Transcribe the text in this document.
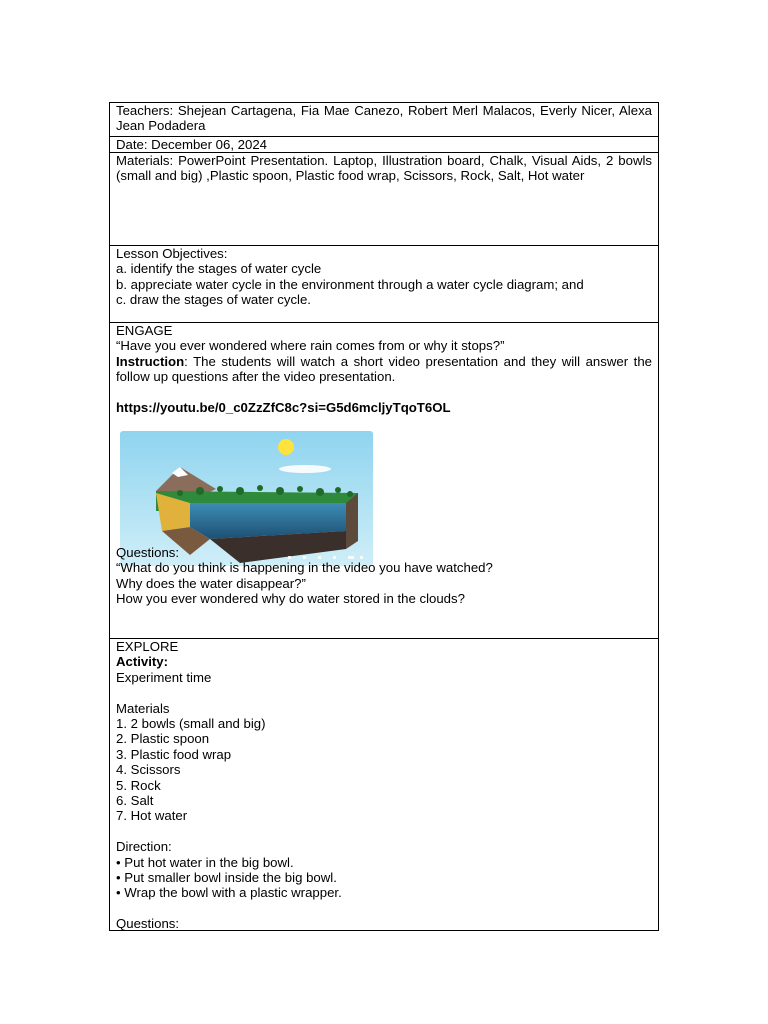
Teachers: Shejean Cartagena, Fia Mae Canezo, Robert Merl Malacos, Everly Nicer, Alexa Jean Podadera
Date: December 06, 2024
Materials: PowerPoint Presentation. Laptop, Illustration board, Chalk, Visual Aids, 2 bowls (small and big) ,Plastic spoon, Plastic food wrap, Scissors, Rock, Salt, Hot water
Lesson Objectives:
a. identify the stages of water cycle
b. appreciate water cycle in the environment through a water cycle diagram; and
c. draw the stages of water cycle.
ENGAGE
“Have you ever wondered where rain comes from or why it stops?”
Instruction: The students will watch a short video presentation and they will answer the follow up questions after the video presentation.
https://youtu.be/0_c0ZzZfC8c?si=G5d6mcljyTqoT6OL
Questions:
“What do you think is happening in the video you have watched?
Why does the water disappear?”
How you ever wondered why do water stored in the clouds?
EXPLORE
Activity:
Experiment time
Materials
1. 2 bowls (small and big)
2. Plastic spoon
3. Plastic food wrap
4. Scissors
5. Rock
6. Salt
7. Hot water
Direction:
• Put hot water in the big bowl.
• Put smaller bowl inside the big bowl.
• Wrap the bowl with a plastic wrapper.
Questions:
